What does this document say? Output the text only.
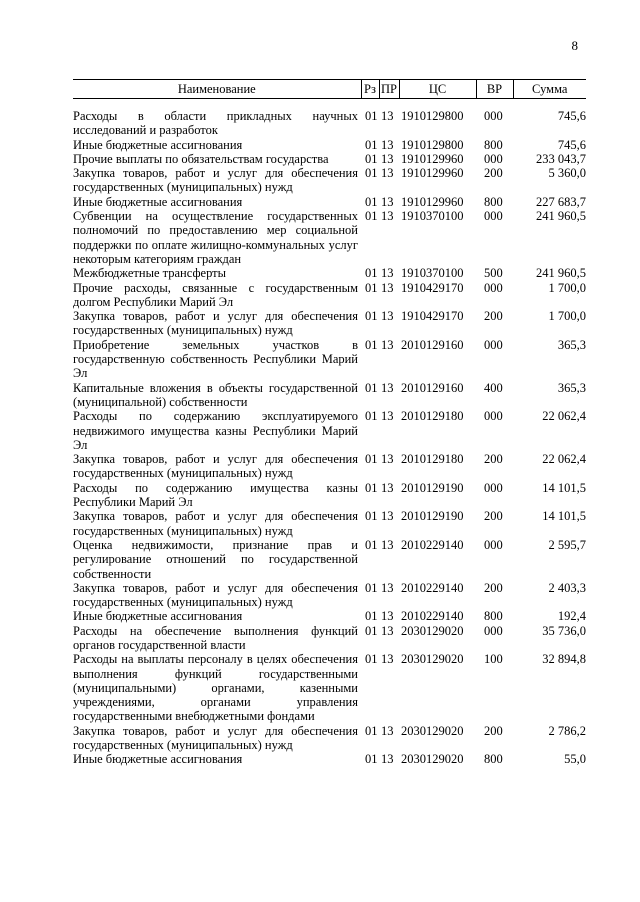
8
Наименование	Рз	ПР	ЦС	ВР	Сумма
Расходы в области прикладных научных исследований и разработок	01	13	1910129800	000	745,6
Иные бюджетные ассигнования	01	13	1910129800	800	745,6
Прочие выплаты по обязательствам государства	01	13	1910129960	000	233 043,7
Закупка товаров, работ и услуг для обеспечения государственных (муниципальных) нужд	01	13	1910129960	200	5 360,0
Иные бюджетные ассигнования	01	13	1910129960	800	227 683,7
Субвенции на осуществление государственных полномочий по предоставлению мер социальной поддержки по оплате жилищно-коммунальных услуг некоторым категориям граждан	01	13	1910370100	000	241 960,5
Межбюджетные трансферты	01	13	1910370100	500	241 960,5
Прочие расходы, связанные с государственным долгом Республики Марий Эл	01	13	1910429170	000	1 700,0
Закупка товаров, работ и услуг для обеспечения государственных (муниципальных) нужд	01	13	1910429170	200	1 700,0
Приобретение земельных участков в государственную собственность Республики Марий Эл	01	13	2010129160	000	365,3
Капитальные вложения в объекты государственной (муниципальной) собственности	01	13	2010129160	400	365,3
Расходы по содержанию эксплуатируемого недвижимого имущества казны Республики Марий Эл	01	13	2010129180	000	22 062,4
Закупка товаров, работ и услуг для обеспечения государственных (муниципальных) нужд	01	13	2010129180	200	22 062,4
Расходы по содержанию имущества казны Республики Марий Эл	01	13	2010129190	000	14 101,5
Закупка товаров, работ и услуг для обеспечения государственных (муниципальных) нужд	01	13	2010129190	200	14 101,5
Оценка недвижимости, признание прав и регулирование отношений по государственной собственности	01	13	2010229140	000	2 595,7
Закупка товаров, работ и услуг для обеспечения государственных (муниципальных) нужд	01	13	2010229140	200	2 403,3
Иные бюджетные ассигнования	01	13	2010229140	800	192,4
Расходы на обеспечение выполнения функций органов государственной власти	01	13	2030129020	000	35 736,0
Расходы на выплаты персоналу в целях обеспечения выполнения функций государственными (муниципальными) органами, казенными учреждениями, органами управления государственными внебюджетными фондами	01	13	2030129020	100	32 894,8
Закупка товаров, работ и услуг для обеспечения государственных (муниципальных) нужд	01	13	2030129020	200	2 786,2
Иные бюджетные ассигнования	01	13	2030129020	800	55,0
